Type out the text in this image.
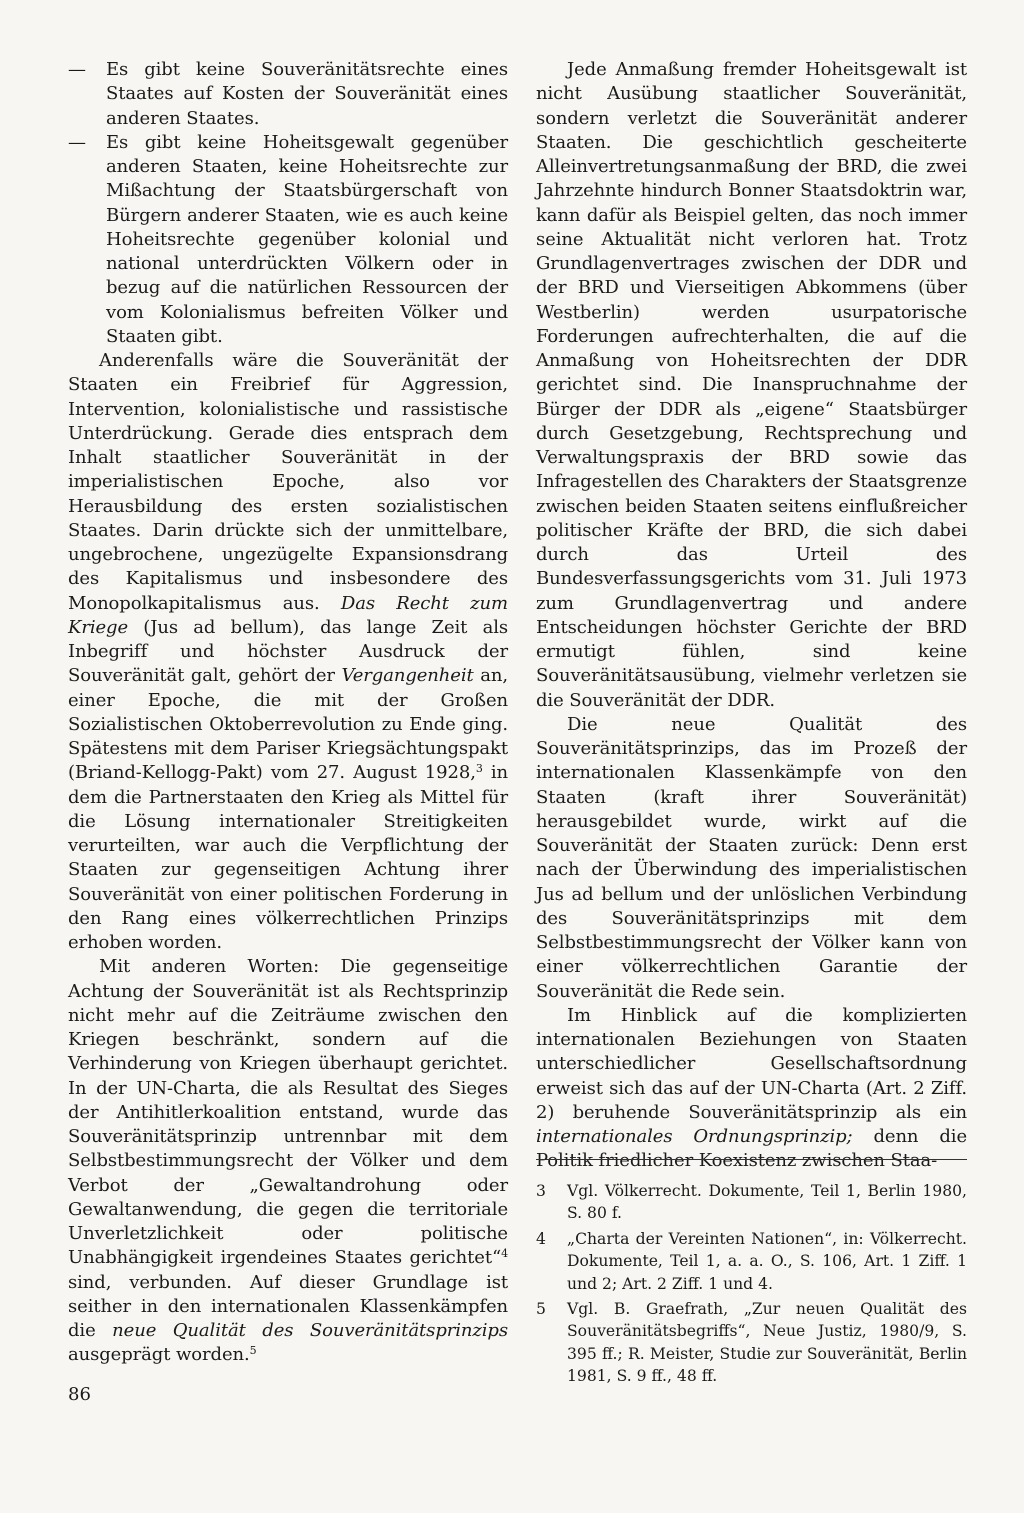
— Es gibt keine Souveränitätsrechte eines Staates auf Kosten der Souveränität eines anderen Staates.
— Es gibt keine Hoheitsgewalt gegenüber anderen Staaten, keine Hoheitsrechte zur Mißachtung der Staatsbürgerschaft von Bürgern anderer Staaten, wie es auch keine Hoheitsrechte gegenüber kolonial und national unterdrückten Völkern oder in bezug auf die natürlichen Ressourcen der vom Kolonialismus befreiten Völker und Staaten gibt.

Anderenfalls wäre die Souveränität der Staaten ein Freibrief für Aggression, Intervention, kolonialistische und rassistische Unterdrückung. Gerade dies entsprach dem Inhalt staatlicher Souveränität in der imperialistischen Epoche, also vor Herausbildung des ersten sozialistischen Staates. Darin drückte sich der unmittelbare, ungebrochene, ungezügelte Expansionsdrang des Kapitalismus und insbesondere des Monopolkapitalismus aus. Das Recht zum Kriege (Jus ad bellum), das lange Zeit als Inbegriff und höchster Ausdruck der Souveränität galt, gehört der Vergangenheit an, einer Epoche, die mit der Großen Sozialistischen Oktoberrevolution zu Ende ging. Spätestens mit dem Pariser Kriegsächtungspakt (Briand-Kellogg-Pakt) vom 27. August 1928,$^3$ in dem die Partnerstaaten den Krieg als Mittel für die Lösung internationaler Streitigkeiten verurteilten, war auch die Verpflichtung der Staaten zur gegenseitigen Achtung ihrer Souveränität von einer politischen Forderung in den Rang eines völkerrechtlichen Prinzips erhoben worden.

Mit anderen Worten: Die gegenseitige Achtung der Souveränität ist als Rechtsprinzip nicht mehr auf die Zeiträume zwischen den Kriegen beschränkt, sondern auf die Verhinderung von Kriegen überhaupt gerichtet. In der UN-Charta, die als Resultat des Sieges der Antihitlerkoalition entstand, wurde das Souveränitätsprinzip untrennbar mit dem Selbstbestimmungsrecht der Völker und dem Verbot der „Gewaltandrohung oder Gewaltanwendung, die gegen die territoriale Unverletzlichkeit oder politische Unabhängigkeit irgendeines Staates gerichtet“$^4$ sind, verbunden. Auf dieser Grundlage ist seither in den internationalen Klassenkämpfen die neue Qualität des Souveränitätsprinzips ausgeprägt worden.$^5$

Jede Anmaßung fremder Hoheitsgewalt ist nicht Ausübung staatlicher Souveränität, sondern verletzt die Souveränität anderer Staaten. Die geschichtlich gescheiterte Alleinvertretungsanmaßung der BRD, die zwei Jahrzehnte hindurch Bonner Staatsdoktrin war, kann dafür als Beispiel gelten, das noch immer seine Aktualität nicht verloren hat. Trotz Grundlagenvertrages zwischen der DDR und der BRD und Vierseitigen Abkommens (über Westberlin) werden usurpatorische Forderungen aufrechterhalten, die auf die Anmaßung von Hoheitsrechten der DDR gerichtet sind. Die Inanspruchnahme der Bürger der DDR als „eigene“ Staatsbürger durch Gesetzgebung, Rechtsprechung und Verwaltungspraxis der BRD sowie das Infragestellen des Charakters der Staatsgrenze zwischen beiden Staaten seitens einflußreicher politischer Kräfte der BRD, die sich dabei durch das Urteil des Bundesverfassungsgerichts vom 31. Juli 1973 zum Grundlagenvertrag und andere Entscheidungen höchster Gerichte der BRD ermutigt fühlen, sind keine Souveränitätsausübung, vielmehr verletzen sie die Souveränität der DDR.

Die neue Qualität des Souveränitätsprinzips, das im Prozeß der internationalen Klassenkämpfe von den Staaten (kraft ihrer Souveränität) herausgebildet wurde, wirkt auf die Souveränität der Staaten zurück: Denn erst nach der Überwindung des imperialistischen Jus ad bellum und der unlöslichen Verbindung des Souveränitätsprinzips mit dem Selbstbestimmungsrecht der Völker kann von einer völkerrechtlichen Garantie der Souveränität die Rede sein.

Im Hinblick auf die komplizierten internationalen Beziehungen von Staaten unterschiedlicher Gesellschaftsordnung erweist sich das auf der UN-Charta (Art. 2 Ziff. 2) beruhende Souveränitätsprinzip als ein internationales Ordnungsprinzip; denn die Politik friedlicher Koexistenz zwischen Staa-

3 Vgl. Völkerrecht. Dokumente, Teil 1, Berlin 1980, S. 80 f.

4 „Charta der Vereinten Nationen“, in: Völkerrecht. Dokumente, Teil 1, a. a. O., S. 106, Art. 1 Ziff. 1 und 2; Art. 2 Ziff. 1 und 4.

5 Vgl. B. Graefrath, „Zur neuen Qualität des Souveränitätsbegriffs“, Neue Justiz, 1980/9, S. 395 ff.; R. Meister, Studie zur Souveränität, Berlin 1981, S. 9 ff., 48 ff.

86
